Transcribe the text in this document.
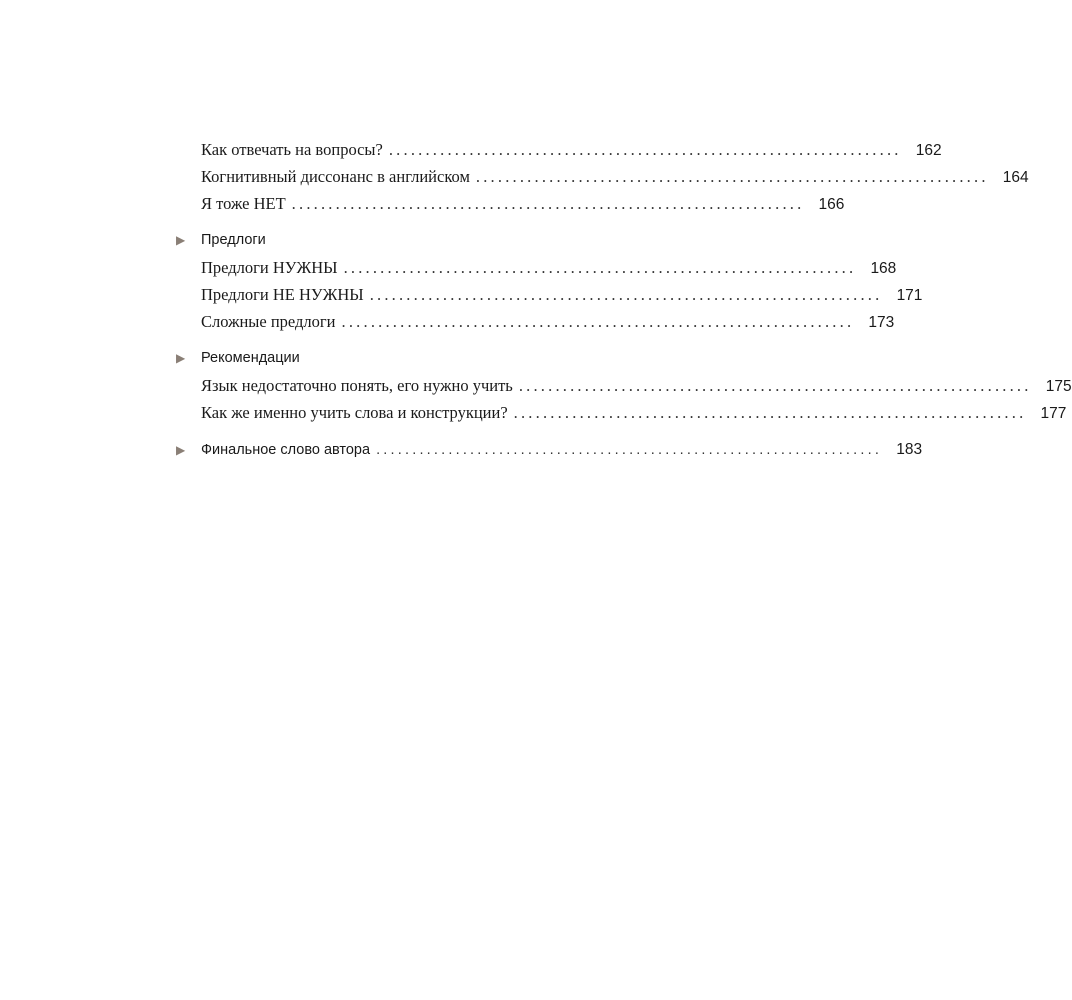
Как отвечать на вопросы? ...................................................................... 162
Когнитивный диссонанс в английском ...................................................................... 164
Я тоже НЕТ ...................................................................... 166
▶	Предлоги
Предлоги НУЖНЫ ...................................................................... 168
Предлоги НЕ НУЖНЫ ...................................................................... 171
Сложные предлоги ...................................................................... 173
▶	Рекомендации
Язык недостаточно понять, его нужно учить ...................................................................... 175
Как же именно учить слова и конструкции? ...................................................................... 177
▶	Финальное слово автора ...................................................................... 183
